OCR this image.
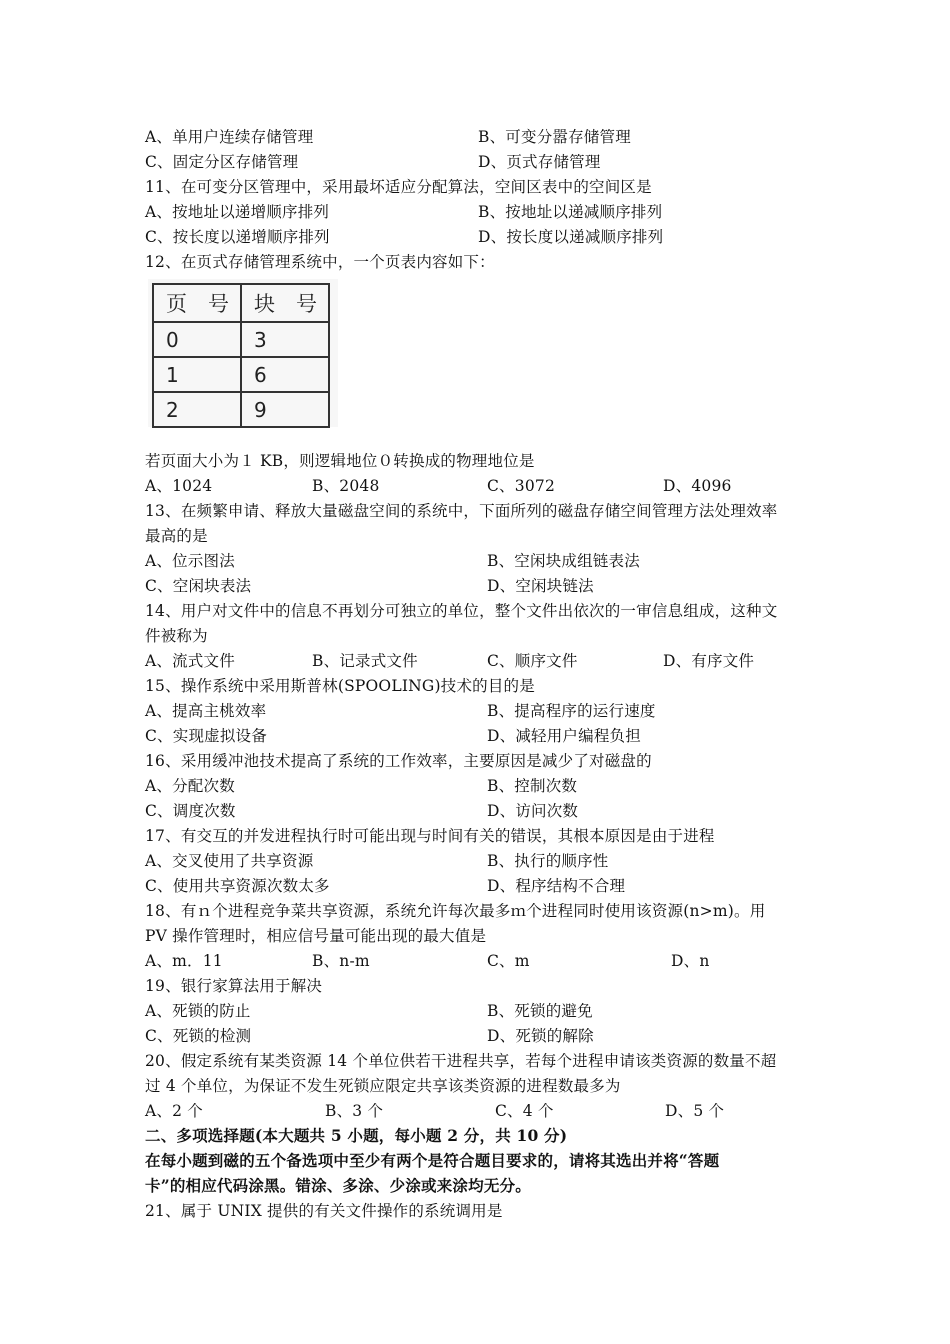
A、单用户连续存储管理	B、可变分嚣存储管理
C、固定分区存储管理	D、页式存储管理
11、在可变分区管理中，采用最坏适应分配算法，空间区表中的空间区是
A、按地址以递增顺序排列	B、按地址以递减顺序排列
C、按长度以递增顺序排列	D、按长度以递减顺序排列
12、在页式存储管理系统中，一个页表内容如下：
页　号	块　号
0	3
1	6
2	9
若页面大小为１ KB，则逻辑地位０转换成的物理地位是
A、1024	B、2048	C、3072	D、4096
13、在频繁申请、释放大量磁盘空间的系统中，下面所列的磁盘存储空间管理方法处理效率
最高的是
A、位示图法	B、空闲块成组链表法
C、空闲块表法	D、空闲块链法
14、用户对文件中的信息不再划分可独立的单位，整个文件出依次的一审信息组成，这种文
件被称为
A、流式文件	B、记录式文件	C、顺序文件	D、有序文件
15、操作系统中采用斯普林(SPOOLING)技术的目的是
A、提高主桃效率	B、提高程序的运行速度
C、实现虚拟设备	D、减轻用户编程负担
16、采用缓冲池技术提高了系统的工作效率，主要原因是减少了对磁盘的
A、分配次数	B、控制次数
C、调度次数	D、访问次数
17、有交互的并发进程执行时可能出现与时间有关的错误，其根本原因是由于进程
A、交叉使用了共享资源	B、执行的顺序性
C、使用共享资源次数太多	D、程序结构不合理
18、有ｎ个进程竞争菜共享资源，系统允许每次最多ｍ个进程同时使用该资源(n>m)。用
PV 操作管理时，相应信号量可能出现的最大值是
A、m．11	B、n-m	C、m	D、n
19、银行家算法用于解决
A、死锁的防止	B、死锁的避免
C、死锁的检测	D、死锁的解除
20、假定系统有某类资源 14 个单位供若干进程共享，若每个进程申请该类资源的数量不超
过 4 个单位，为保证不发生死锁应限定共享该类资源的进程数最多为
A、2 个	B、3 个	C、4 个	D、5 个
二、多项选择题(本大题共 5 小题，每小题 2 分，共 10 分)
在每小题到磁的五个备选项中至少有两个是符合题目要求的，请将其选出并将“答题
卡”的相应代码涂黑。错涂、多涂、少涂或来涂均无分。
21、属于 UNIX 提供的有关文件操作的系统调用是
